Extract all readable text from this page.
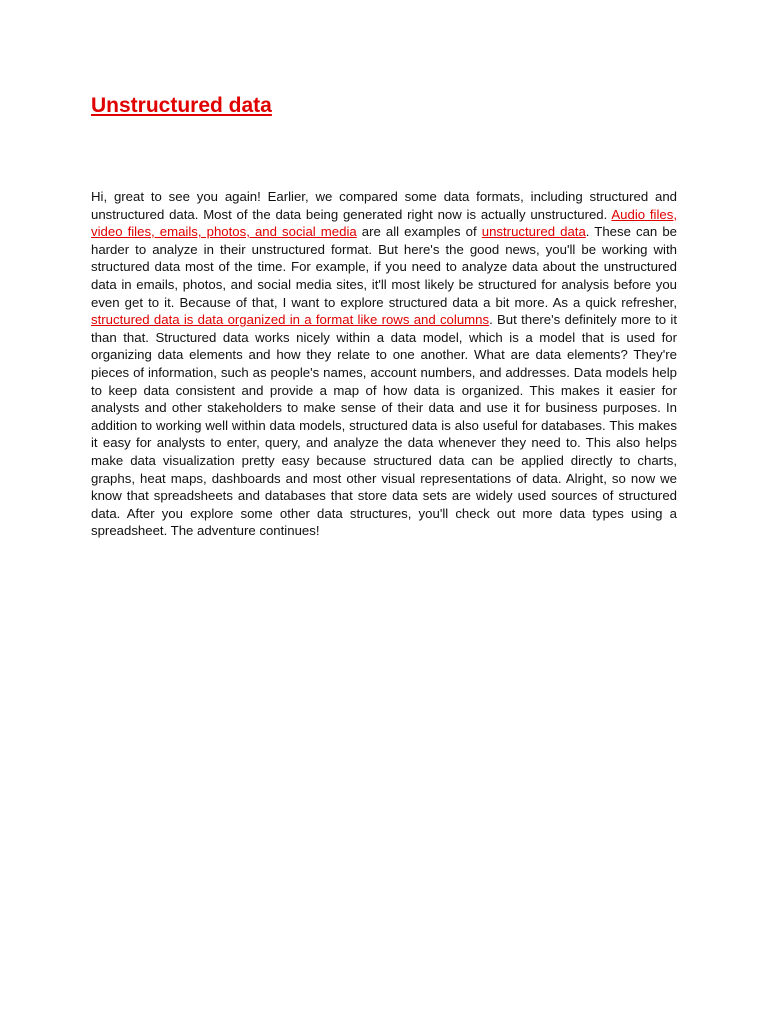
Unstructured data

Hi, great to see you again! Earlier, we compared some data formats, including structured and unstructured data. Most of the data being generated right now is actually unstructured. Audio files, video files, emails, photos, and social media are all examples of unstructured data. These can be harder to analyze in their unstructured format. But here's the good news, you'll be working with structured data most of the time. For example, if you need to analyze data about the unstructured data in emails, photos, and social media sites, it'll most likely be structured for analysis before you even get to it. Because of that, I want to explore structured data a bit more. As a quick refresher, structured data is data organized in a format like rows and columns. But there's definitely more to it than that. Structured data works nicely within a data model, which is a model that is used for organizing data elements and how they relate to one another. What are data elements? They're pieces of information, such as people's names, account numbers, and addresses. Data models help to keep data consistent and provide a map of how data is organized. This makes it easier for analysts and other stakeholders to make sense of their data and use it for business purposes. In addition to working well within data models, structured data is also useful for databases. This makes it easy for analysts to enter, query, and analyze the data whenever they need to. This also helps make data visualization pretty easy because structured data can be applied directly to charts, graphs, heat maps, dashboards and most other visual representations of data. Alright, so now we know that spreadsheets and databases that store data sets are widely used sources of structured data. After you explore some other data structures, you'll check out more data types using a spreadsheet. The adventure continues!
